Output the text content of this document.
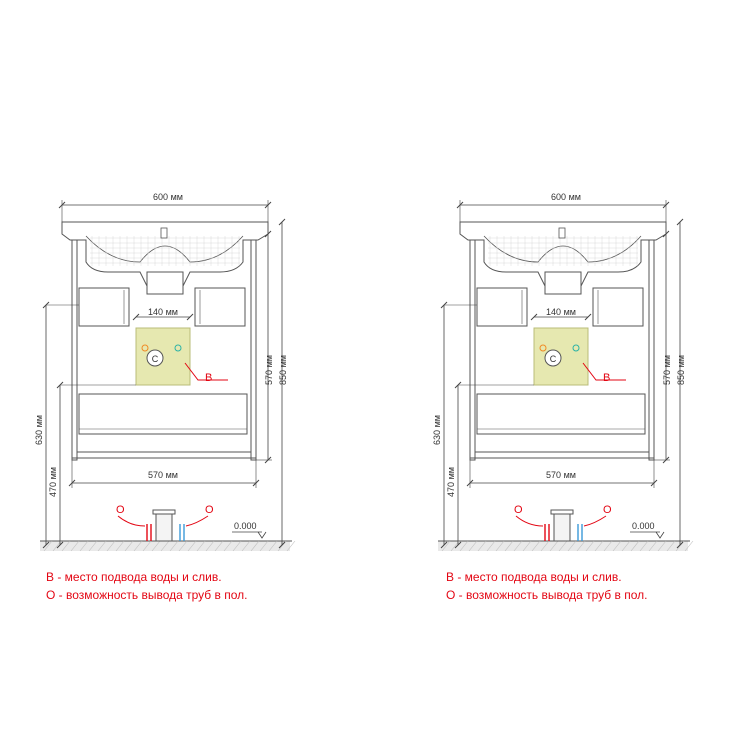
600 мм
140 мм
570 мм
570 мм 850 мм
630 мм
470 мм
0.000
B
O	O
C
600 мм
140 мм
570 мм
570 мм 850 мм
630 мм
470 мм
0.000
B
O	O
C
B - место подвода воды и слив.
O - возможность вывода труб в пол.
B - место подвода воды и слив.
O - возможность вывода труб в пол.
